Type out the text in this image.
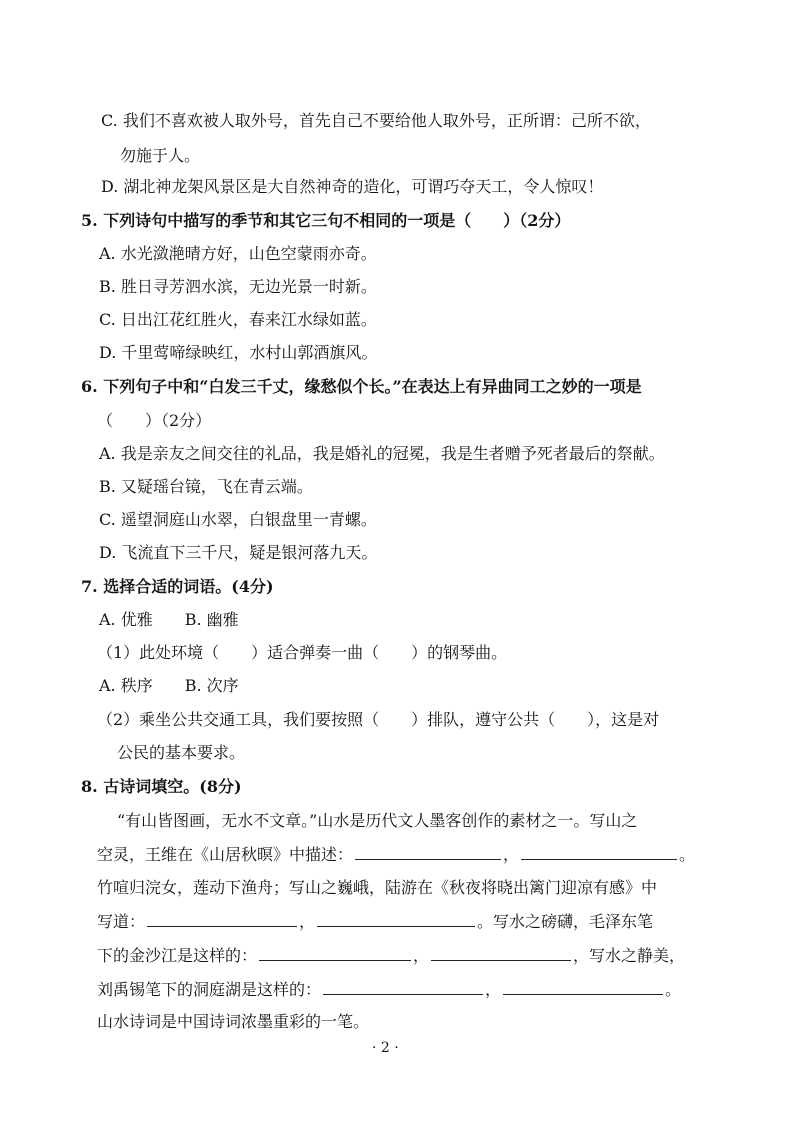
C. 我们不喜欢被人取外号，首先自己不要给他人取外号，正所谓：己所不欲，
勿施于人。
D. 湖北神龙架风景区是大自然神奇的造化，可谓巧夺天工，令人惊叹！
5. 下列诗句中描写的季节和其它三句不相同的一项是（　　）（2分）
A. 水光潋滟晴方好，山色空蒙雨亦奇。
B. 胜日寻芳泗水滨，无边光景一时新。
C. 日出江花红胜火，春来江水绿如蓝。
D. 千里莺啼绿映红，水村山郭酒旗风。
6. 下列句子中和“白发三千丈，缘愁似个长。”在表达上有异曲同工之妙的一项是
（　　）（2分）
A. 我是亲友之间交往的礼品，我是婚礼的冠冕，我是生者赠予死者最后的祭献。
B. 又疑瑶台镜，飞在青云端。
C. 遥望洞庭山水翠，白银盘里一青螺。
D. 飞流直下三千尺，疑是银河落九天。
7. 选择合适的词语。(4分)
A. 优雅　　B. 幽雅
（1）此处环境（　　）适合弹奏一曲（　　）的钢琴曲。
A. 秩序　　B. 次序
（2）乘坐公共交通工具，我们要按照（　　）排队，遵守公共（　　），这是对
公民的基本要求。
8. 古诗词填空。(8分)
“有山皆图画，无水不文章。”山水是历代文人墨客创作的素材之一。写山之
空灵，王维在《山居秋暝》中描述：	，	。
竹喧归浣女，莲动下渔舟；写山之巍峨，陆游在《秋夜将晓出篱门迎凉有感》中
写道：	，	。写水之磅礴，毛泽东笔
下的金沙江是这样的：	，	，写水之静美，
刘禹锡笔下的洞庭湖是这样的：	，	。
山水诗词是中国诗词浓墨重彩的一笔。
· 2 ·
